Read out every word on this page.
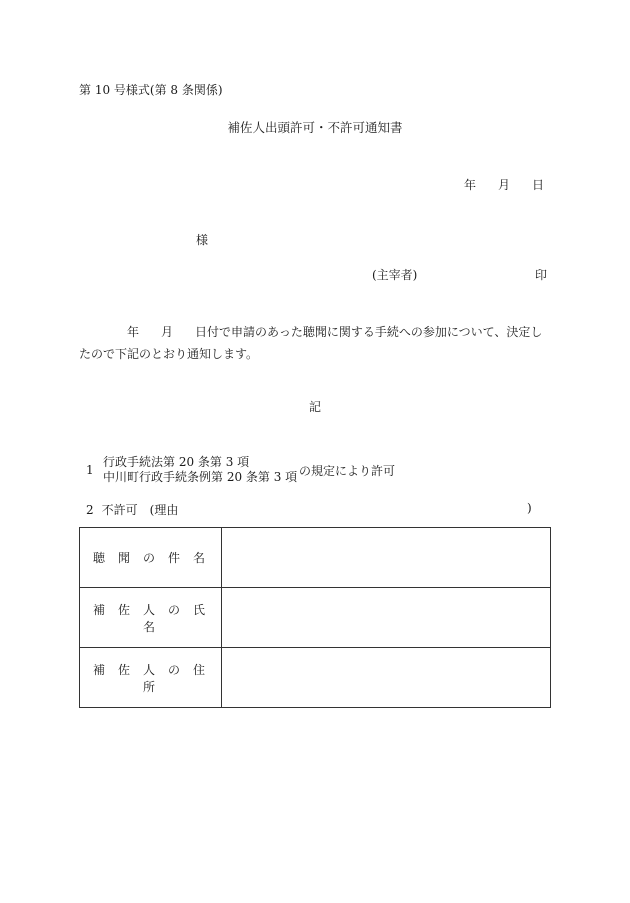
第 10 号様式(第 8 条関係)
補佐人出頭許可・不許可通知書
年 月 日
様
(主宰者)	印
年 月 日付で申請のあった聴聞に関する手続への参加について、決定したので下記のとおり通知します。
記
1
行政手続法第 20 条第 3 項
中川町行政手続条例第 20 条第 3 項 の規定により許可
2 不許可 (理由	)
聴聞の件名	
補佐人の氏名	
補佐人の住所	
